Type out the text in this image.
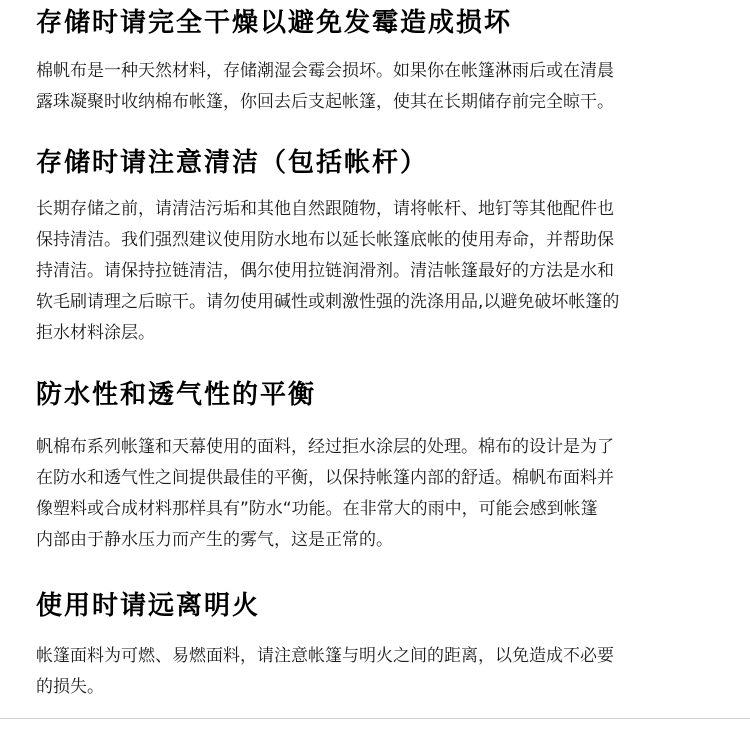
存储时请完全干燥以避免发霉造成损坏

棉帆布是一种天然材料，存储潮湿会霉会损坏。如果你在帐篷淋雨后或在清晨
露珠凝聚时收纳棉布帐篷，你回去后支起帐篷，使其在长期储存前完全晾干。

存储时请注意清洁（包括帐杆）

长期存储之前，请清洁污垢和其他自然跟随物，请将帐杆、地钉等其他配件也
保持清洁。我们强烈建议使用防水地布以延长帐篷底帐的使用寿命，并帮助保
持清洁。请保持拉链清洁，偶尔使用拉链润滑剂。清洁帐篷最好的方法是水和
软毛刷请理之后晾干。请勿使用碱性或刺激性强的洗涤用品,以避免破坏帐篷的
拒水材料涂层。

防水性和透气性的平衡

帆棉布系列帐篷和天幕使用的面料，经过拒水涂层的处理。棉布的设计是为了
在防水和透气性之间提供最佳的平衡，以保持帐篷内部的舒适。棉帆布面料并
像塑料或合成材料那样具有”防水“功能。在非常大的雨中，可能会感到帐篷
内部由于静水压力而产生的雾气，这是正常的。

使用时请远离明火

帐篷面料为可燃、易燃面料，请注意帐篷与明火之间的距离，以免造成不必要
的损失。
